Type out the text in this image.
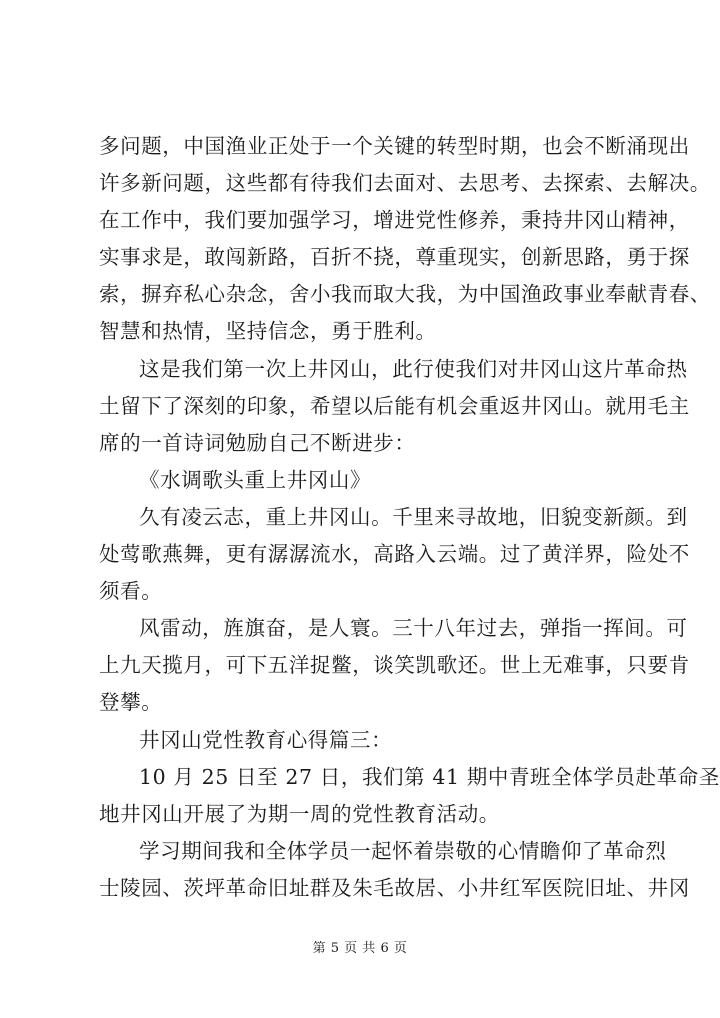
多问题，中国渔业正处于一个关键的转型时期，也会不断涌现出
许多新问题，这些都有待我们去面对、去思考、去探索、去解决。
在工作中，我们要加强学习，增进党性修养，秉持井冈山精神，
实事求是，敢闯新路，百折不挠，尊重现实，创新思路，勇于探
索，摒弃私心杂念，舍小我而取大我，为中国渔政事业奉献青春、
智慧和热情，坚持信念，勇于胜利。
这是我们第一次上井冈山，此行使我们对井冈山这片革命热
土留下了深刻的印象，希望以后能有机会重返井冈山。就用毛主
席的一首诗词勉励自己不断进步：
《水调歌头重上井冈山》
久有凌云志，重上井冈山。千里来寻故地，旧貌变新颜。到
处莺歌燕舞，更有潺潺流水，高路入云端。过了黄洋界，险处不
须看。
风雷动，旌旗奋，是人寰。三十八年过去，弹指一挥间。可
上九天揽月，可下五洋捉鳖，谈笑凯歌还。世上无难事，只要肯
登攀。
井冈山党性教育心得篇三：
10 月 25 日至 27 日，我们第 41 期中青班全体学员赴革命圣
地井冈山开展了为期一周的党性教育活动。
学习期间我和全体学员一起怀着崇敬的心情瞻仰了革命烈
士陵园、茨坪革命旧址群及朱毛故居、小井红军医院旧址、井冈
第 5 页 共 6 页
